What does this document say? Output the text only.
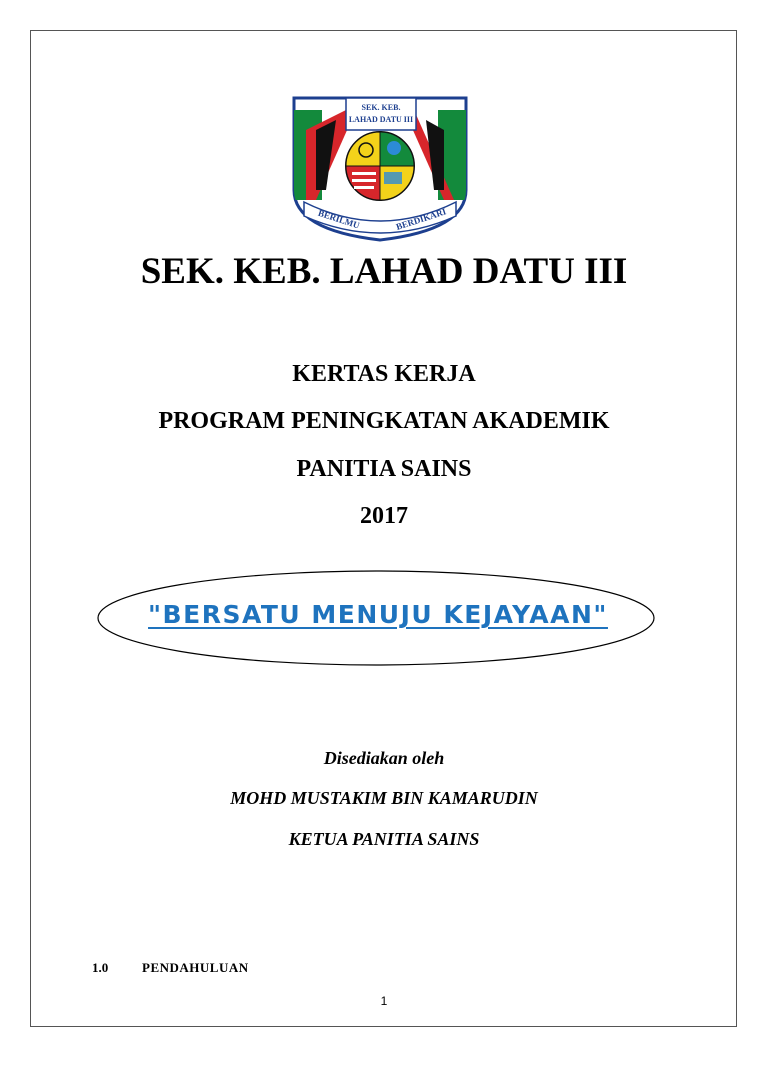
SEK. KEB.
LAHAD DATU III
BERILMU	BERDIKARI
SEK. KEB. LAHAD DATU III
KERTAS KERJA
PROGRAM PENINGKATAN AKADEMIK
PANITIA SAINS
2017
"BERSATU MENUJU KEJAYAAN"
Disediakan oleh
MOHD MUSTAKIM BIN KAMARUDIN
KETUA PANITIA SAINS
1.0	PENDAHULUAN
1
